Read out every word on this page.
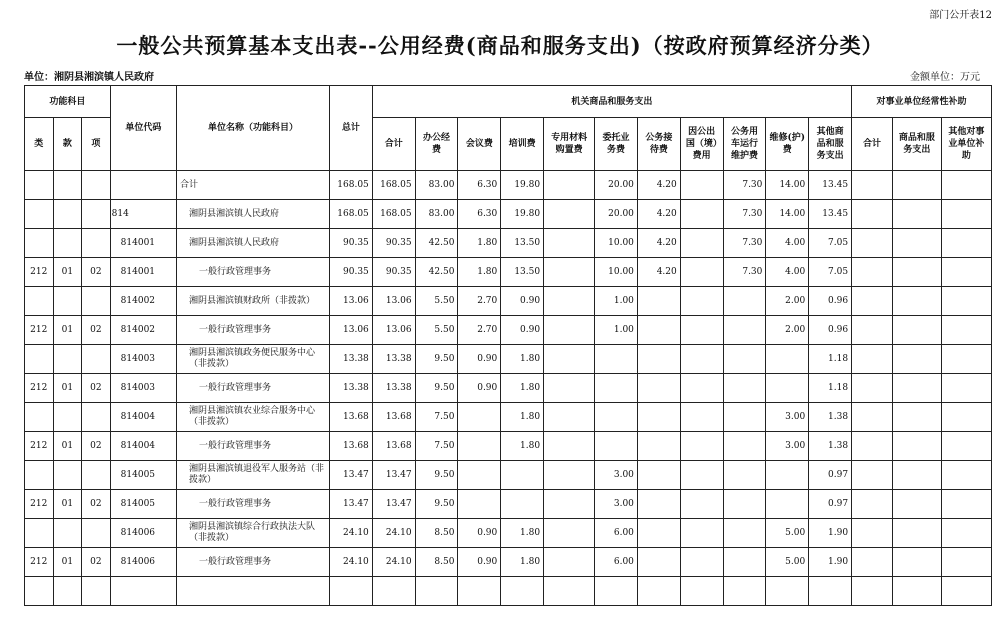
部门公开表12
一般公共预算基本支出表--公用经费(商品和服务支出)（按政府预算经济分类）
单位：湘阴县湘滨镇人民政府	金额单位：万元
功能科目			单位代码	单位名称（功能科目）	总计	机关商品和服务支出											对事业单位经常性补助		
类	款	项				合计	办公经费	会议费	培训费	专用材料购置费	委托业务费	公务接待费	因公出国（境）费用	公务用车运行维护费	维修(护)费	其他商品和服务支出	合计	商品和服务支出	其他对事业单位补助
				合计	168.05	168.05	83.00	6.30	19.80		20.00	4.20		7.30	14.00	13.45			
			814	湘阴县湘滨镇人民政府	168.05	168.05	83.00	6.30	19.80		20.00	4.20		7.30	14.00	13.45			
			814001	湘阴县湘滨镇人民政府	90.35	90.35	42.50	1.80	13.50		10.00	4.20		7.30	4.00	7.05			
212	01	02	814001	一般行政管理事务	90.35	90.35	42.50	1.80	13.50		10.00	4.20		7.30	4.00	7.05			
			814002	湘阴县湘滨镇财政所（非拨款）	13.06	13.06	5.50	2.70	0.90		1.00				2.00	0.96			
212	01	02	814002	一般行政管理事务	13.06	13.06	5.50	2.70	0.90		1.00				2.00	0.96			
			814003	湘阴县湘滨镇政务便民服务中心（非拨款）	13.38	13.38	9.50	0.90	1.80							1.18			
212	01	02	814003	一般行政管理事务	13.38	13.38	9.50	0.90	1.80							1.18			
			814004	湘阴县湘滨镇农业综合服务中心（非拨款）	13.68	13.68	7.50		1.80						3.00	1.38			
212	01	02	814004	一般行政管理事务	13.68	13.68	7.50		1.80						3.00	1.38			
			814005	湘阴县湘滨镇退役军人服务站（非拨款）	13.47	13.47	9.50				3.00					0.97			
212	01	02	814005	一般行政管理事务	13.47	13.47	9.50				3.00					0.97			
			814006	湘阴县湘滨镇综合行政执法大队（非拨款）	24.10	24.10	8.50	0.90	1.80		6.00				5.00	1.90			
212	01	02	814006	一般行政管理事务	24.10	24.10	8.50	0.90	1.80		6.00				5.00	1.90			
